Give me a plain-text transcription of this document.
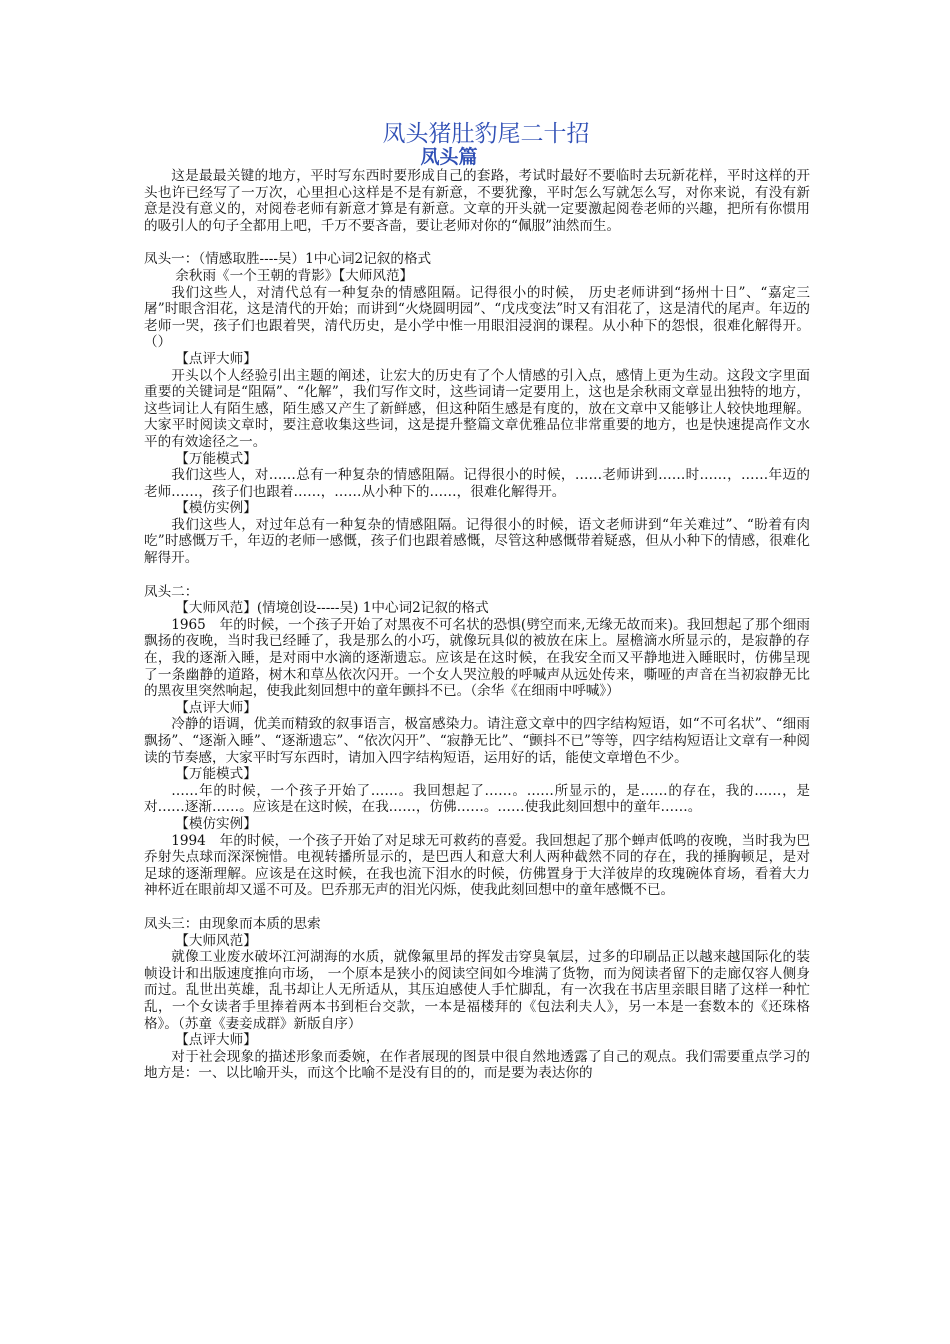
凤头猪肚豹尾二十招
凤头篇

这是最最关键的地方，平时写东西时要形成自己的套路，考试时最好不要临时去玩新花样，平时这样的开头也许已经写了一万次，心里担心这样是不是有新意，不要犹豫，平时怎么写就怎么写，对你来说，有没有新意是没有意义的，对阅卷老师有新意才算是有新意。文章的开头就一定要激起阅卷老师的兴趣，把所有你惯用的吸引人的句子全都用上吧，千万不要吝啬，要让老师对你的“佩服”油然而生。

凤头一：（情感取胜----吴）1中心词2记叙的格式

余秋雨《一个王朝的背影》【大师风范】

我们这些人，对清代总有一种复杂的情感阻隔。记得很小的时候， 历史老师讲到“扬州十日”、“嘉定三屠”时眼含泪花，这是清代的开始；而讲到“火烧圆明园”、“戊戌变法”时又有泪花了，这是清代的尾声。年迈的老师一哭，孩子们也跟着哭，清代历史，是小学中惟一用眼泪浸润的课程。从小种下的怨恨，很难化解得开。（）

【点评大师】

开头以个人经验引出主题的阐述，让宏大的历史有了个人情感的引入点，感情上更为生动。这段文字里面重要的关键词是“阻隔”、“化解”，我们写作文时，这些词请一定要用上，这也是余秋雨文章显出独特的地方，这些词让人有陌生感，陌生感又产生了新鲜感，但这种陌生感是有度的，放在文章中又能够让人较快地理解。大家平时阅读文章时，要注意收集这些词，这是提升整篇文章优雅品位非常重要的地方，也是快速提高作文水平的有效途径之一。

【万能模式】

我们这些人，对……总有一种复杂的情感阻隔。记得很小的时候，……老师讲到……时……，……年迈的老师……，孩子们也跟着……，……从小种下的……，很难化解得开。

【模仿实例】

我们这些人，对过年总有一种复杂的情感阻隔。记得很小的时候，语文老师讲到“年关难过”、“盼着有肉吃”时感慨万千，年迈的老师一感慨，孩子们也跟着感慨，尽管这种感慨带着疑惑，但从小种下的情感，很难化解得开。

凤头二：

【大师风范】(情境创设-----吴) 1中心词2记叙的格式

1965　年的时候，一个孩子开始了对黑夜不可名状的恐惧(劈空而来,无缘无故而来)。我回想起了那个细雨飘扬的夜晚，当时我已经睡了，我是那么的小巧，就像玩具似的被放在床上。屋檐滴水所显示的，是寂静的存在，我的逐渐入睡，是对雨中水滴的逐渐遗忘。应该是在这时候，在我安全而又平静地进入睡眠时，仿佛呈现了一条幽静的道路，树木和草丛依次闪开。一个女人哭泣般的呼喊声从远处传来，嘶哑的声音在当初寂静无比的黑夜里突然响起，使我此刻回想中的童年颤抖不已。（余华《在细雨中呼喊》）

【点评大师】

冷静的语调，优美而精致的叙事语言，极富感染力。请注意文章中的四字结构短语，如“不可名状”、“细雨飘扬”、“逐渐入睡”、“逐渐遗忘”、“依次闪开”、“寂静无比”、“颤抖不已”等等，四字结构短语让文章有一种阅读的节奏感，大家平时写东西时，请加入四字结构短语，运用好的话，能使文章增色不少。

【万能模式】

……年的时候，一个孩子开始了……。我回想起了……。……所显示的，是……的存在，我的……，是对……逐渐……。应该是在这时候，在我……，仿佛……。……使我此刻回想中的童年……。

【模仿实例】

1994　年的时候，一个孩子开始了对足球无可救药的喜爱。我回想起了那个蝉声低鸣的夜晚，当时我为巴乔射失点球而深深惋惜。电视转播所显示的，是巴西人和意大利人两种截然不同的存在，我的捶胸顿足，是对足球的逐渐理解。应该是在这时候，在我也流下泪水的时候，仿佛置身于大洋彼岸的玫瑰碗体育场，看着大力神杯近在眼前却又遥不可及。巴乔那无声的泪光闪烁，使我此刻回想中的童年感慨不已。

凤头三：由现象而本质的思索

【大师风范】

就像工业废水破坏江河湖海的水质，就像氟里昂的挥发击穿臭氧层，过多的印刷品正以越来越国际化的装帧设计和出版速度推向市场， 一个原本是狭小的阅读空间如今堆满了货物，而为阅读者留下的走廊仅容人侧身而过。乱世出英雄，乱书却让人无所适从，其压迫感使人手忙脚乱，有一次我在书店里亲眼目睹了这样一种忙乱，一个女读者手里捧着两本书到柜台交款，一本是福楼拜的《包法利夫人》，另一本是一套数本的《还珠格格》。（苏童《妻妾成群》新版自序）

【点评大师】

对于社会现象的描述形象而委婉，在作者展现的图景中很自然地透露了自己的观点。我们需要重点学习的地方是：一、以比喻开头，而这个比喻不是没有目的的，而是要为表达你的
